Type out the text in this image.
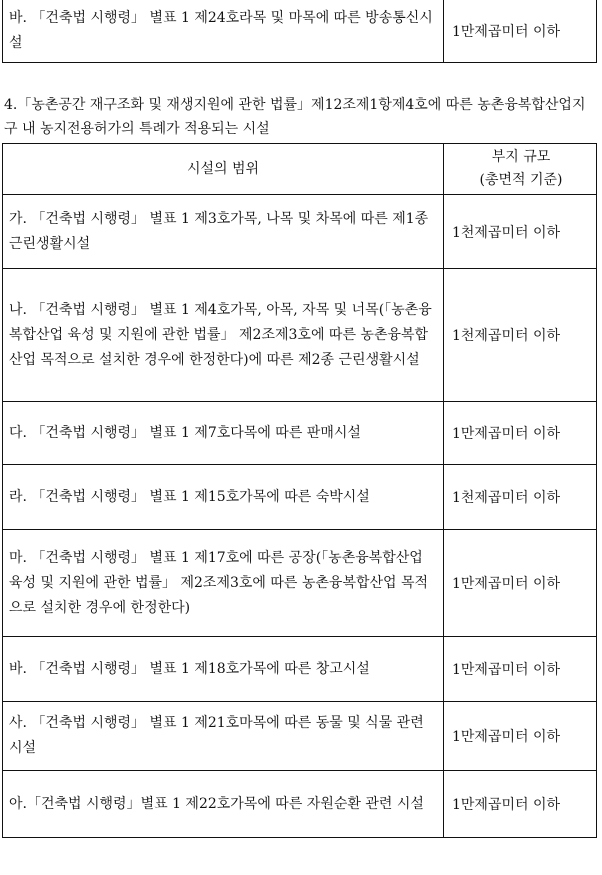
바. 「건축법 시행령」 별표 1 제24호라목 및 마목에 따른 방송통신시설	1만제곱미터 이하

4.「농촌공간 재구조화 및 재생지원에 관한 법률」제12조제1항제4호에 따른 농촌융복합산업지구 내 농지전용허가의 특례가 적용되는 시설

시설의 범위	부지 규모
(총면적 기준)

가. 「건축법 시행령」 별표 1 제3호가목, 나목 및 차목에 따른 제1종 근린생활시설	1천제곱미터 이하
나. 「건축법 시행령」 별표 1 제4호가목, 아목, 자목 및 너목(「농촌융복합산업 육성 및 지원에 관한 법률」 제2조제3호에 따른 농촌융복합산업 목적으로 설치한 경우에 한정한다)에 따른 제2종 근린생활시설	1천제곱미터 이하
다. 「건축법 시행령」 별표 1 제7호다목에 따른 판매시설	1만제곱미터 이하
라. 「건축법 시행령」 별표 1 제15호가목에 따른 숙박시설	1천제곱미터 이하
마. 「건축법 시행령」 별표 1 제17호에 따른 공장(「농촌융복합산업 육성 및 지원에 관한 법률」 제2조제3호에 따른 농촌융복합산업 목적으로 설치한 경우에 한정한다)	1만제곱미터 이하
바. 「건축법 시행령」 별표 1 제18호가목에 따른 창고시설	1만제곱미터 이하
사. 「건축법 시행령」 별표 1 제21호마목에 따른 동물 및 식물 관련 시설	1만제곱미터 이하
아.「건축법 시행령」별표 1 제22호가목에 따른 자원순환 관련 시설	1만제곱미터 이하
